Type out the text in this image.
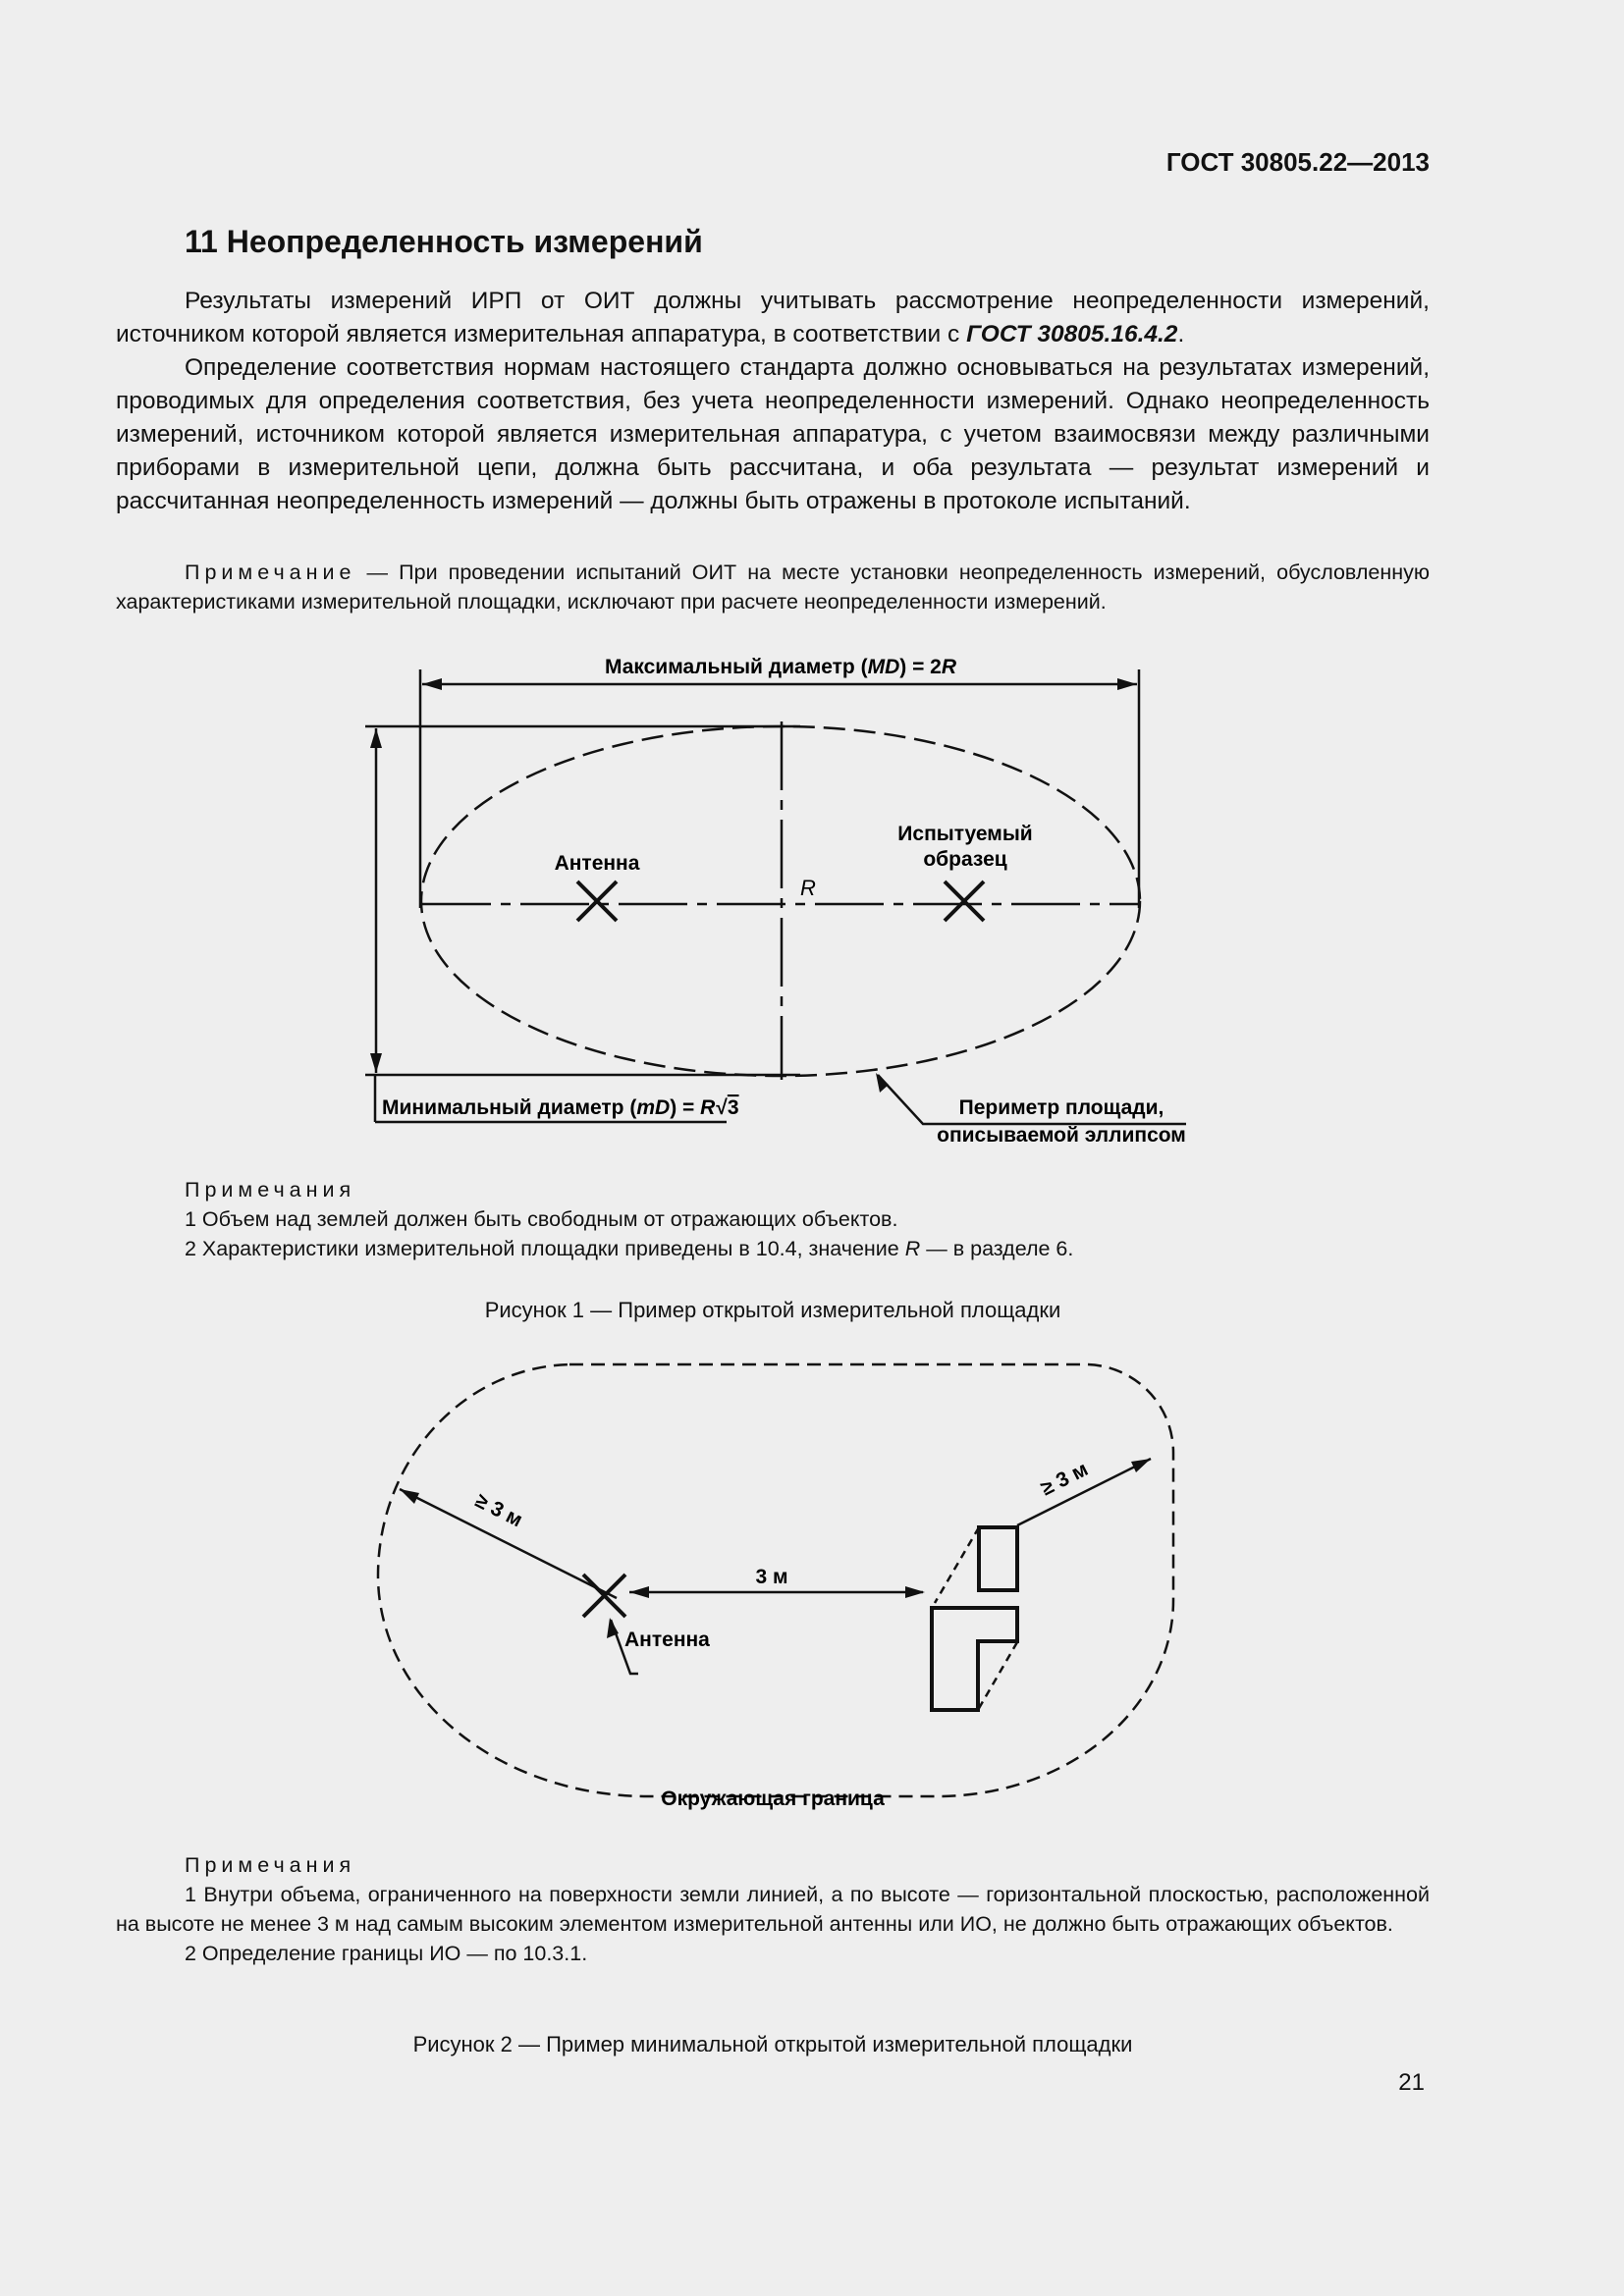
ГОСТ 30805.22—2013
11 Неопределенность измерений
Результаты измерений ИРП от ОИТ должны учитывать рассмотрение неопределенности измерений, источником которой является измерительная аппаратура, в соответствии с ГОСТ 30805.16.4.2.
Определение соответствия нормам настоящего стандарта должно основываться на результатах измерений, проводимых для определения соответствия, без учета неопределенности измерений. Однако неопределенность измерений, источником которой является измерительная аппаратура, с учетом взаимосвязи между различными приборами в измерительной цепи, должна быть рассчитана, и оба результата — результат измерений и рассчитанная неопределенность измерений — должны быть отражены в протоколе испытаний.
Примечание — При проведении испытаний ОИТ на месте установки неопределенность измерений, обусловленную характеристиками измерительной площадки, исключают при расчете неопределенности измерений.
Максимальный диаметр (MD) = 2R
Антенна
Испытуемый
образец
R
Минимальный диаметр (mD) = R√3	Периметр площади,
описываемой эллипсом
Примечания
1 Объем над землей должен быть свободным от отражающих объектов.
2 Характеристики измерительной площадки приведены в 10.4, значение R — в разделе 6.
Рисунок 1 — Пример открытой измерительной площадки
≥ 3 м
≥ 3 м
3 м
Антенна
Окружающая граница
Примечания
1 Внутри объема, ограниченного на поверхности земли линией, а по высоте — горизонтальной плоскостью, расположенной на высоте не менее 3 м над самым высоким элементом измерительной антенны или ИО, не должно быть отражающих объектов.
2 Определение границы ИО — по 10.3.1.
Рисунок 2 — Пример минимальной открытой измерительной площадки
21
